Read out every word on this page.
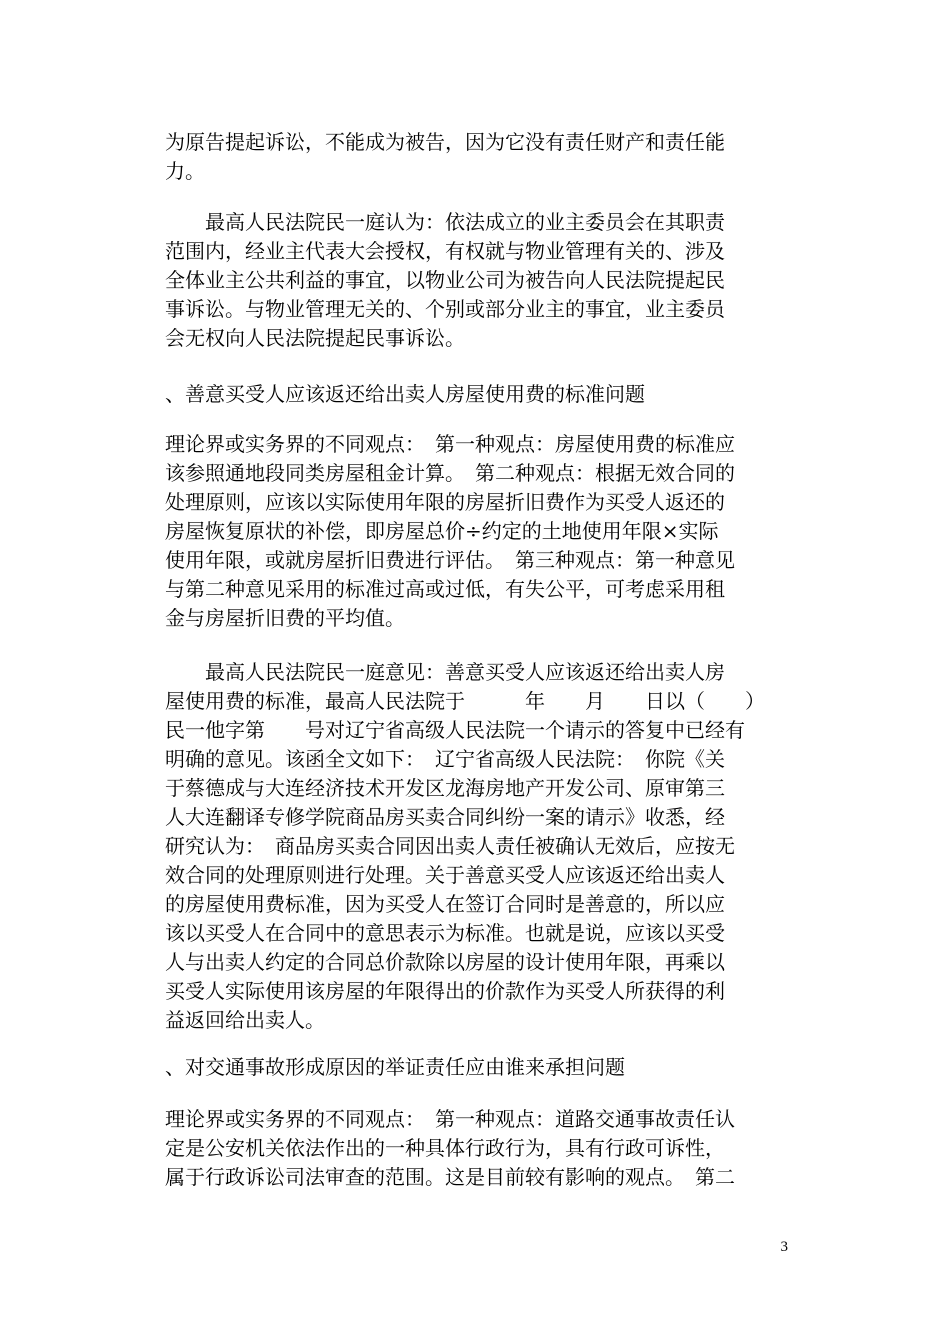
为原告提起诉讼，不能成为被告，因为它没有责任财产和责任能
力。
　　最高人民法院民一庭认为：依法成立的业主委员会在其职责
范围内，经业主代表大会授权，有权就与物业管理有关的、涉及
全体业主公共利益的事宜，以物业公司为被告向人民法院提起民
事诉讼。与物业管理无关的、个别或部分业主的事宜，业主委员
会无权向人民法院提起民事诉讼。
、善意买受人应该返还给出卖人房屋使用费的标准问题
理论界或实务界的不同观点：　第一种观点：房屋使用费的标准应
该参照通地段同类房屋租金计算。　第二种观点：根据无效合同的
处理原则，应该以实际使用年限的房屋折旧费作为买受人返还的
房屋恢复原状的补偿，即房屋总价÷约定的土地使用年限×实际
使用年限，或就房屋折旧费进行评估。　第三种观点：第一种意见
与第二种意见采用的标准过高或过低，有失公平，可考虑采用租
金与房屋折旧费的平均值。
　　最高人民法院民一庭意见：善意买受人应该返还给出卖人房
屋使用费的标准，最高人民法院于　　　年　　月　　日以（　　）
民一他字第　　号对辽宁省高级人民法院一个请示的答复中已经有
明确的意见。该函全文如下：　辽宁省高级人民法院：　你院《关
于蔡德成与大连经济技术开发区龙海房地产开发公司、原审第三
人大连翻译专修学院商品房买卖合同纠纷一案的请示》收悉，经
研究认为：　商品房买卖合同因出卖人责任被确认无效后，应按无
效合同的处理原则进行处理。关于善意买受人应该返还给出卖人
的房屋使用费标准，因为买受人在签订合同时是善意的，所以应
该以买受人在合同中的意思表示为标准。也就是说，应该以买受
人与出卖人约定的合同总价款除以房屋的设计使用年限，再乘以
买受人实际使用该房屋的年限得出的价款作为买受人所获得的利
益返回给出卖人。
、对交通事故形成原因的举证责任应由谁来承担问题
理论界或实务界的不同观点：　第一种观点：道路交通事故责任认
定是公安机关依法作出的一种具体行政行为，具有行政可诉性，
属于行政诉讼司法审查的范围。这是目前较有影响的观点。　第二
3
